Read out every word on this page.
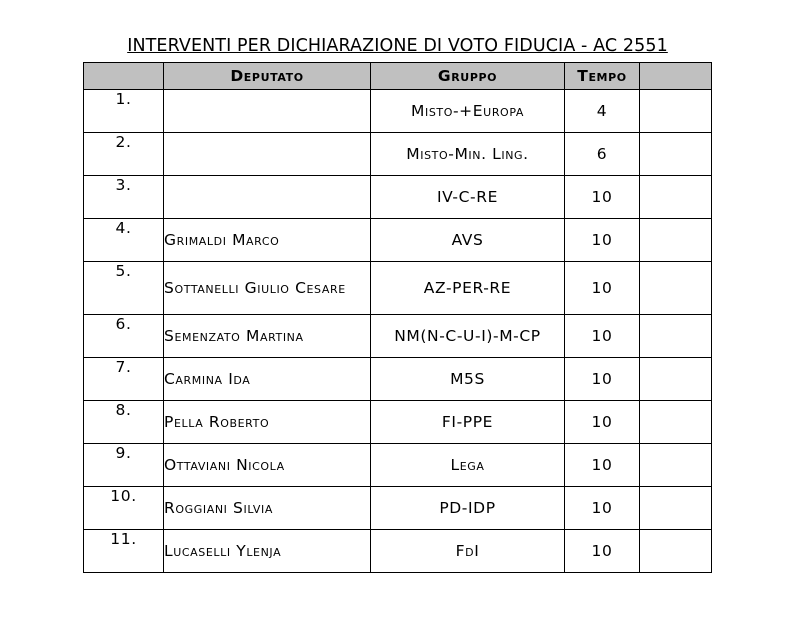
INTERVENTI PER DICHIARAZIONE DI VOTO FIDUCIA - AC 2551
	Deputato	Gruppo	Tempo	
1.		Misto-+Europa	4	
2.		Misto-Min. Ling.	6	
3.		IV-C-RE	10	
4.	Grimaldi Marco	AVS	10	
5.	Sottanelli Giulio Cesare	AZ-PER-RE	10	
6.	Semenzato Martina	NM(N-C-U-I)-M-CP	10	
7.	Carmina Ida	M5S	10	
8.	Pella Roberto	FI-PPE	10	
9.	Ottaviani Nicola	Lega	10	
10.	Roggiani Silvia	PD-IDP	10	
11.	Lucaselli Ylenja	FdI	10	
